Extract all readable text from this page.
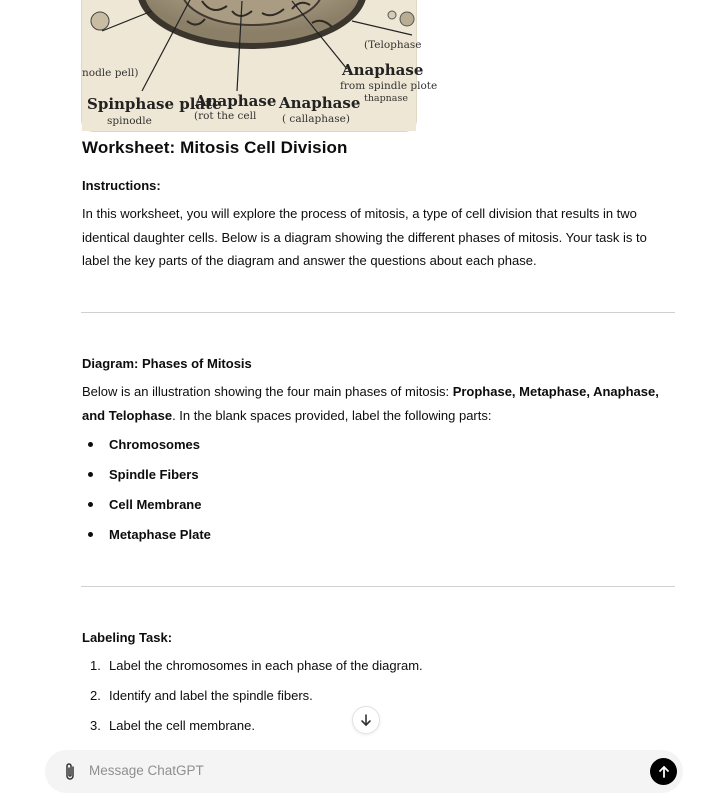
(Telophase
nodle pell)	Anaphase
from spindle plote
thapnase
Spinphase plate
spinodle
Anaphase
(rot the cell
Anaphase
( callaphase)
Worksheet: Mitosis Cell Division
Instructions:

In this worksheet, you will explore the process of mitosis, a type of cell division that results in two identical daughter cells. Below is a diagram showing the different phases of mitosis. Your task is to label the key parts of the diagram and answer the questions about each phase.

Diagram: Phases of Mitosis

Below is an illustration showing the four main phases of mitosis: Prophase, Metaphase, Anaphase, and Telophase. In the blank spaces provided, label the following parts:

Chromosomes
Spindle Fibers
Cell Membrane
Metaphase Plate
Labeling Task:
1. Label the chromosomes in each phase of the diagram.
2. Identify and label the spindle fibers.
3. Label the cell membrane.
Message ChatGPT
